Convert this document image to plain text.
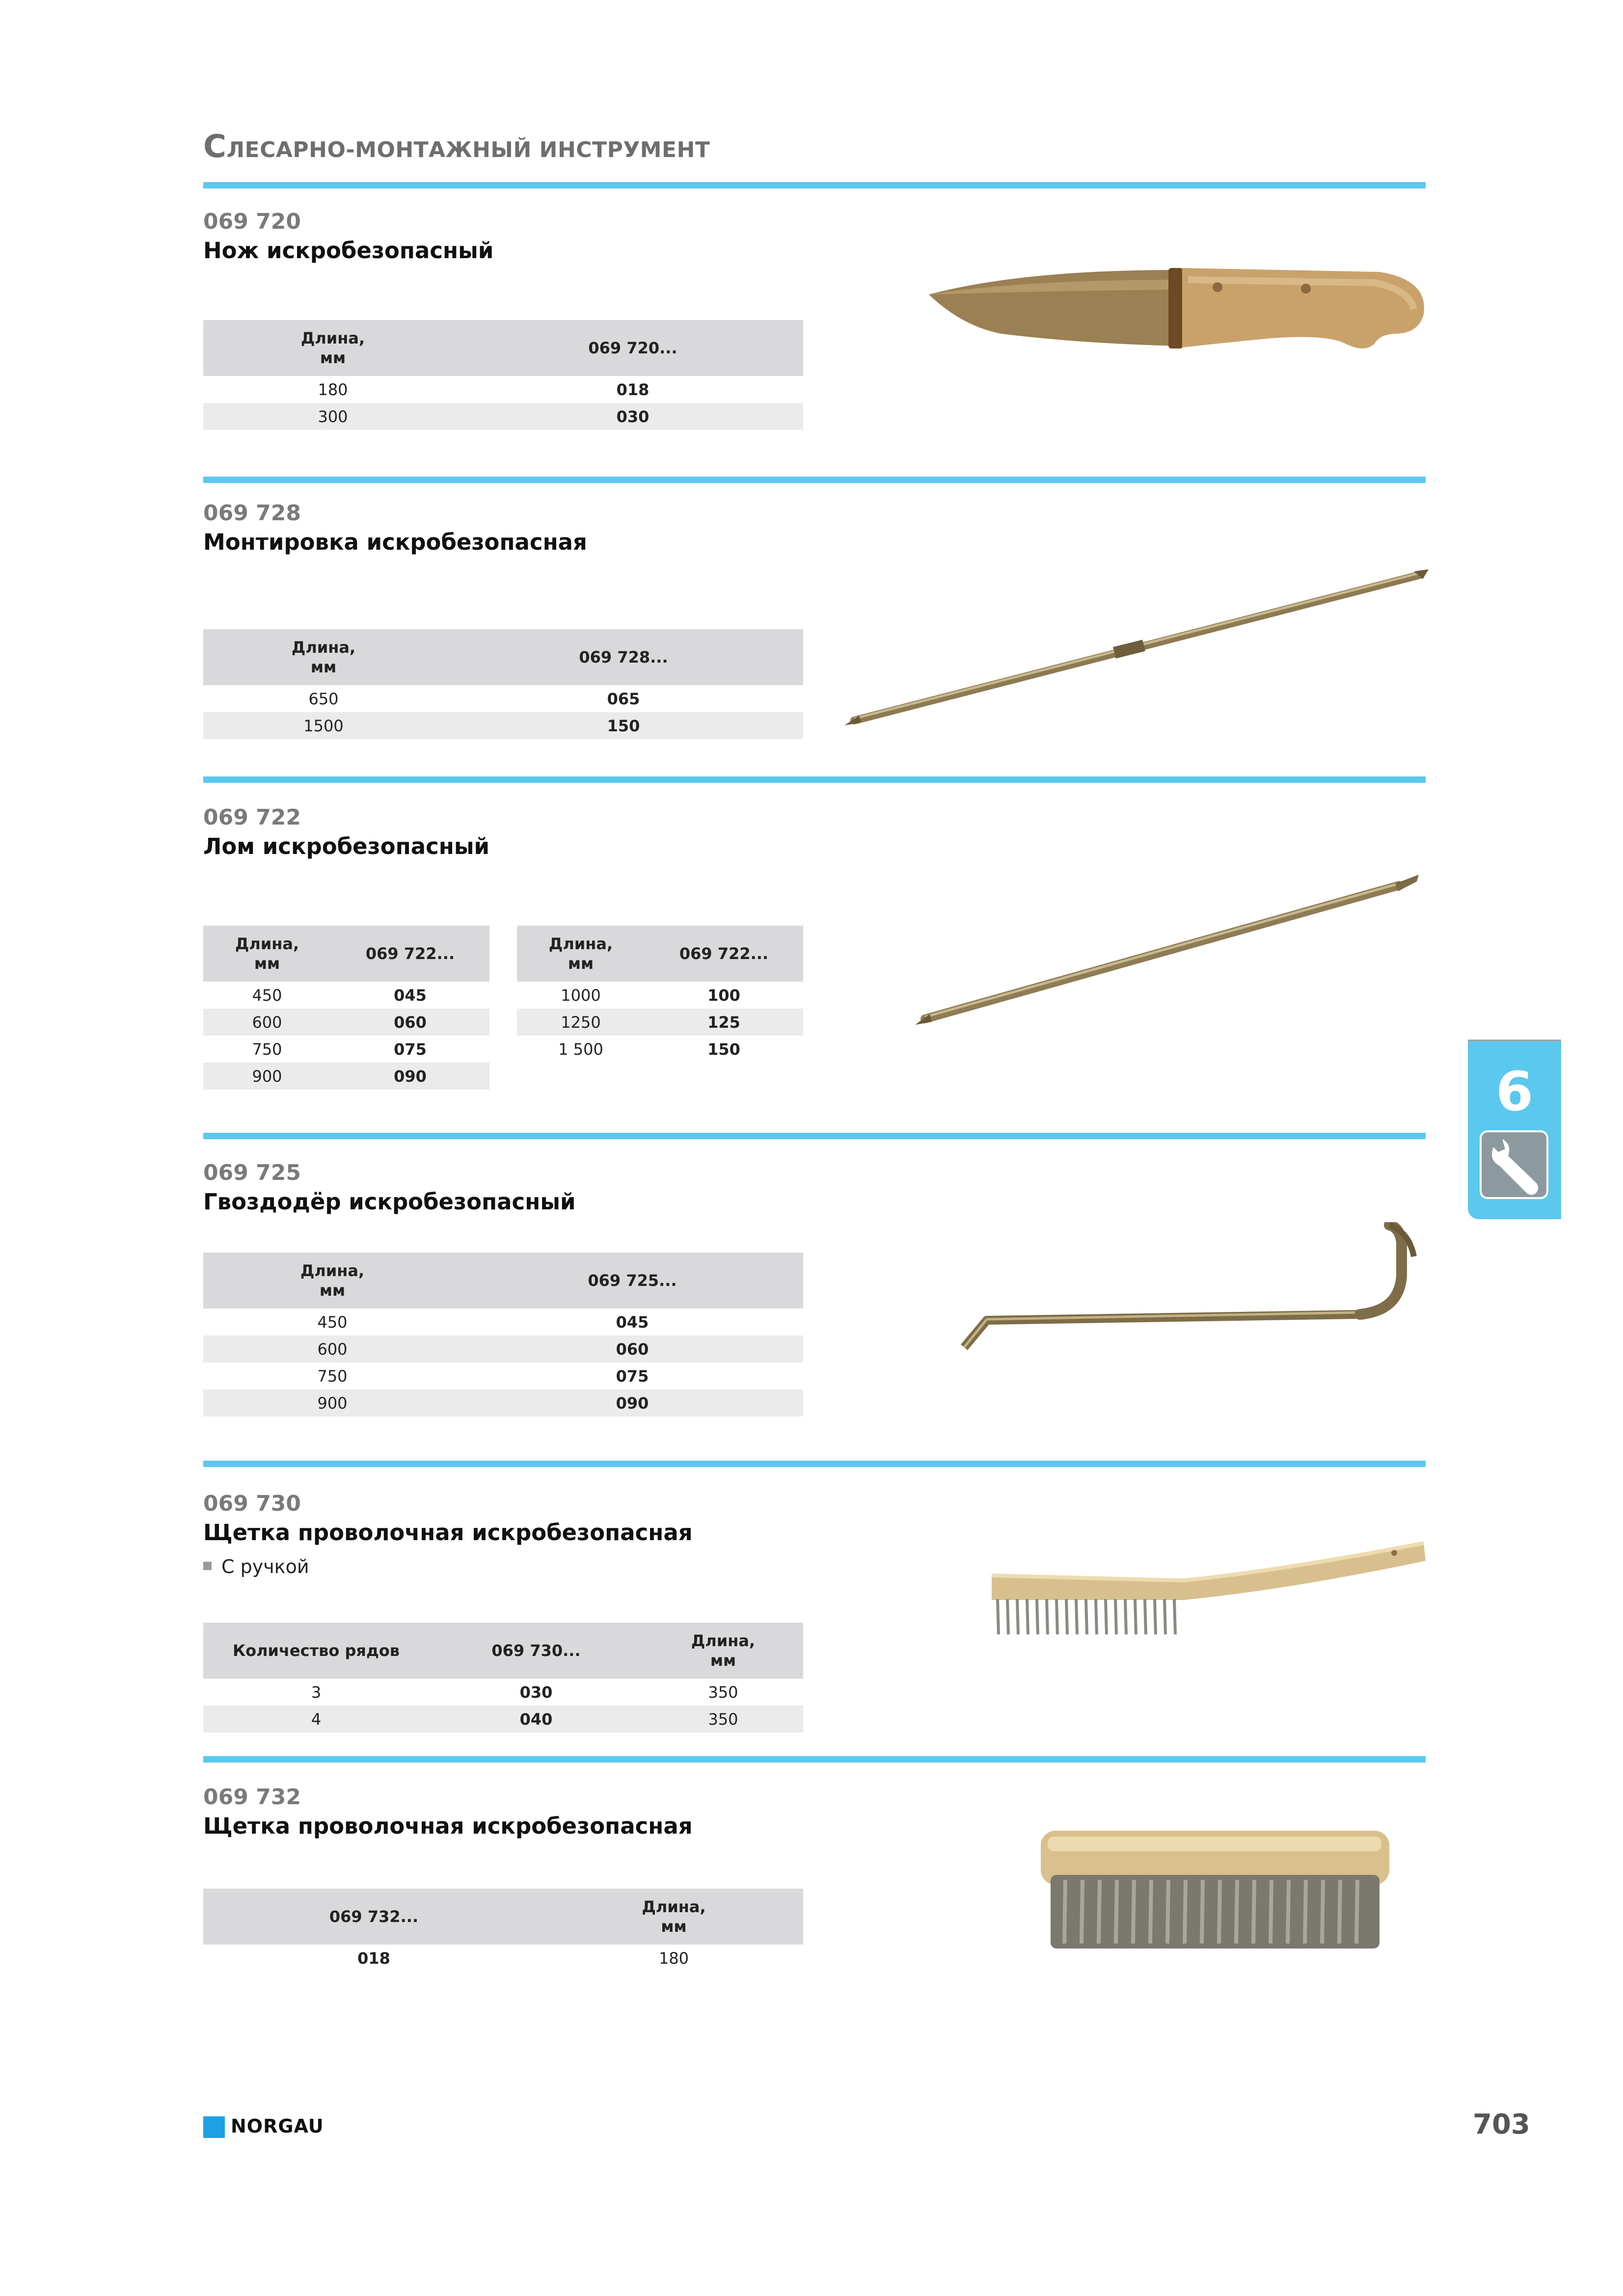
СЛЕСАРНО-МОНТАЖНЫЙ ИНСТРУМЕНТ

069 720

Нож искробезопасный

Длина,
мм	069 720...
180	018
300	030

069 728

Монтировка искробезопасная

Длина,
мм	069 728...
650	065
1500	150

069 722

Лом искробезопасный

Длина,
мм	069 722...
450	045
600	060
750	075
900	090
Длина,
мм	069 722...
1000	100
1250	125
1 500	150

069 725

Гвоздодёр искробезопасный

Длина,
мм	069 725...
450	045
600	060
750	075
900	090

069 730

Щетка проволочная искробезопасная

С ручкой
Количество рядов	069 730...	Длина,
мм
3	030	350
4	040	350

069 732

Щетка проволочная искробезопасная

069 732...	Длина,
мм
018	180
6
NORGAU	703
